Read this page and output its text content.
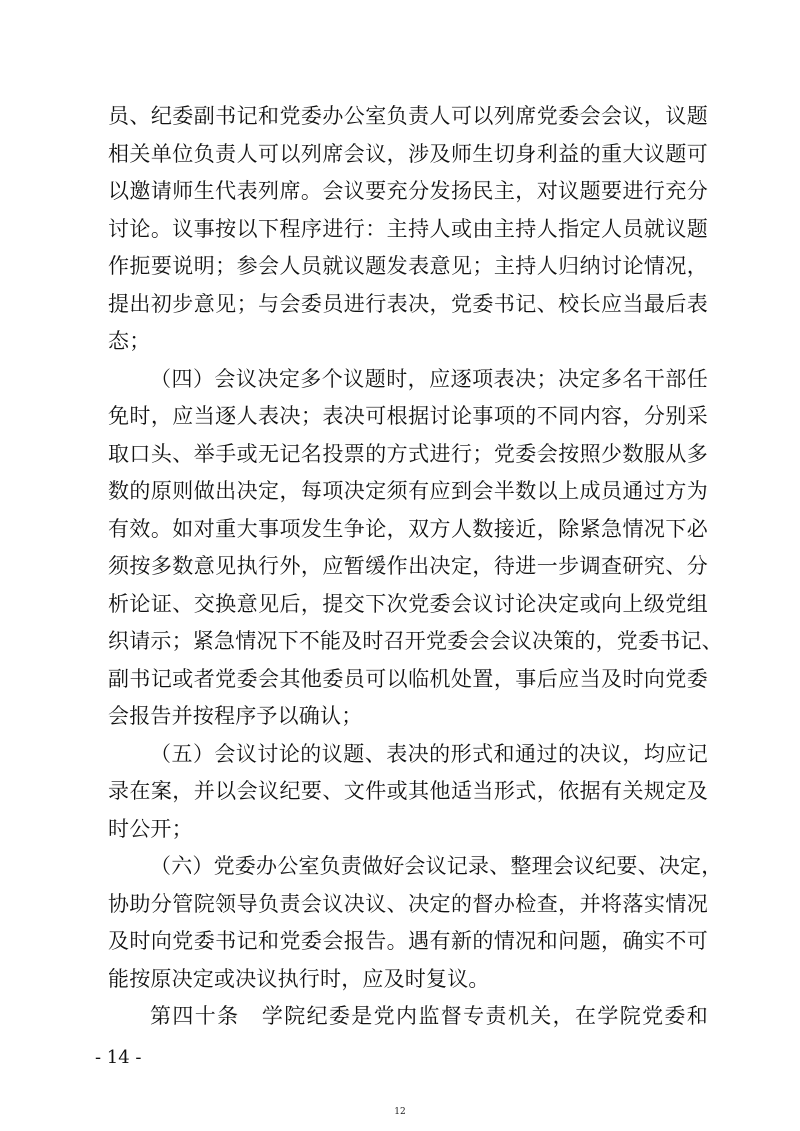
员、纪委副书记和党委办公室负责人可以列席党委会会议，议题
相关单位负责人可以列席会议，涉及师生切身利益的重大议题可
以邀请师生代表列席。会议要充分发扬民主，对议题要进行充分
讨论。议事按以下程序进行：主持人或由主持人指定人员就议题
作扼要说明；参会人员就议题发表意见；主持人归纳讨论情况，
提出初步意见；与会委员进行表决，党委书记、校长应当最后表
态；
（四）会议决定多个议题时，应逐项表决；决定多名干部任
免时，应当逐人表决；表决可根据讨论事项的不同内容，分别采
取口头、举手或无记名投票的方式进行；党委会按照少数服从多
数的原则做出决定，每项决定须有应到会半数以上成员通过方为
有效。如对重大事项发生争论，双方人数接近，除紧急情况下必
须按多数意见执行外，应暂缓作出决定，待进一步调查研究、分
析论证、交换意见后，提交下次党委会议讨论决定或向上级党组
织请示；紧急情况下不能及时召开党委会会议决策的，党委书记、
副书记或者党委会其他委员可以临机处置，事后应当及时向党委
会报告并按程序予以确认；
（五）会议讨论的议题、表决的形式和通过的决议，均应记
录在案，并以会议纪要、文件或其他适当形式，依据有关规定及
时公开；
（六）党委办公室负责做好会议记录、整理会议纪要、决定，
协助分管院领导负责会议决议、决定的督办检查，并将落实情况
及时向党委书记和党委会报告。遇有新的情况和问题，确实不可
能按原决定或决议执行时，应及时复议。
第四十条　学院纪委是党内监督专责机关，在学院党委和
- 14 -
12
